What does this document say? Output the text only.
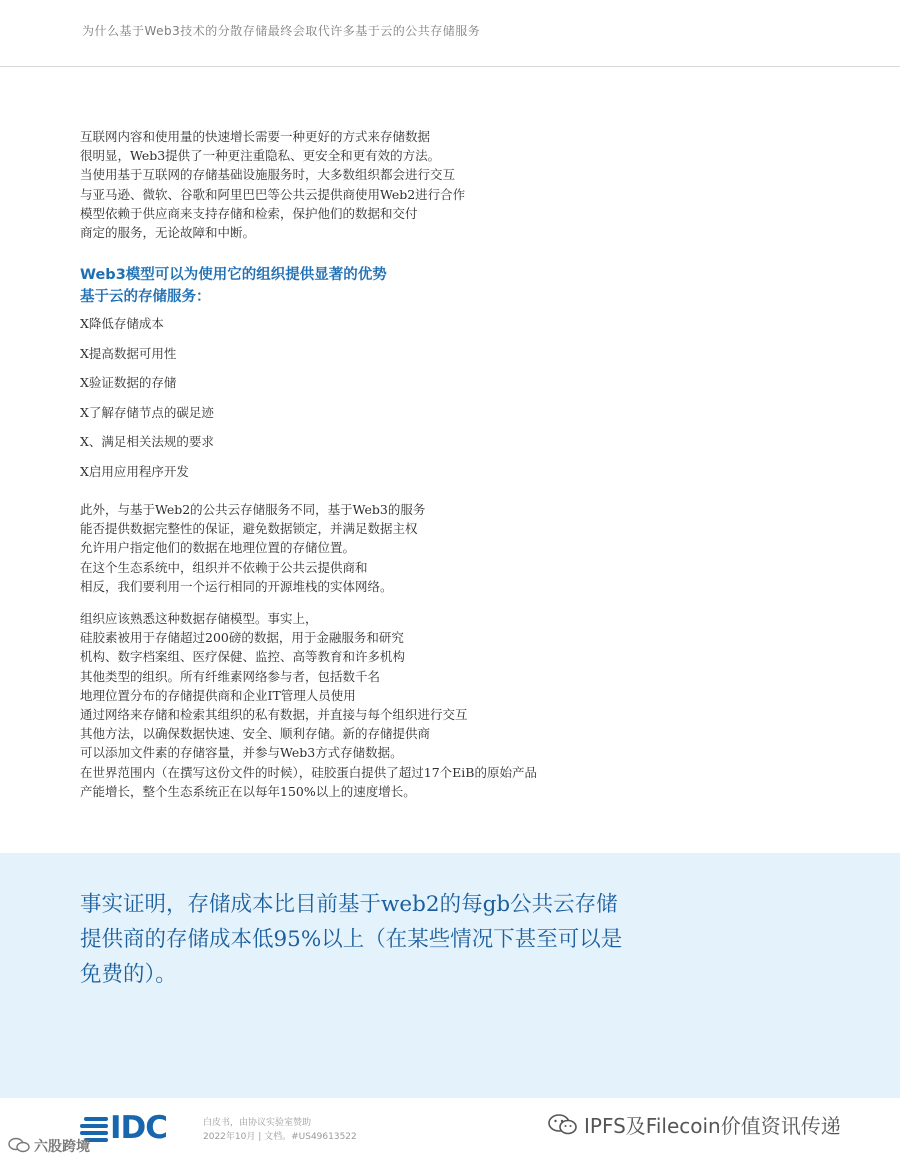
为什么基于Web3技术的分散存储最终会取代许多基于云的公共存储服务
互联网内容和使用量的快速增长需要一种更好的方式来存储数据
很明显，Web3提供了一种更注重隐私、更安全和更有效的方法。
当使用基于互联网的存储基础设施服务时，大多数组织都会进行交互
与亚马逊、微软、谷歌和阿里巴巴等公共云提供商使用Web2进行合作
模型依赖于供应商来支持存储和检索，保护他们的数据和交付
商定的服务，无论故障和中断。
Web3模型可以为使用它的组织提供显著的优势
基于云的存储服务：
X降低存储成本
X提高数据可用性
X验证数据的存储
X了解存储节点的碳足迹
X、满足相关法规的要求
X启用应用程序开发
此外，与基于Web2的公共云存储服务不同，基于Web3的服务
能否提供数据完整性的保证，避免数据锁定，并满足数据主权
允许用户指定他们的数据在地理位置的存储位置。
在这个生态系统中，组织并不依赖于公共云提供商和
相反，我们要利用一个运行相同的开源堆栈的实体网络。
组织应该熟悉这种数据存储模型。事实上，
硅胶素被用于存储超过200磅的数据，用于金融服务和研究
机构、数字档案组、医疗保健、监控、高等教育和许多机构
其他类型的组织。所有纤维素网络参与者，包括数千名
地理位置分布的存储提供商和企业IT管理人员使用
通过网络来存储和检索其组织的私有数据，并直接与每个组织进行交互
其他方法，以确保数据快速、安全、顺利存储。新的存储提供商
可以添加文件素的存储容量，并参与Web3方式存储数据。
在世界范围内（在撰写这份文件的时候），硅胶蛋白提供了超过17个EiB的原始产品
产能增长，整个生态系统正在以每年150%以上的速度增长。
事实证明，存储成本比目前基于web2的每gb公共云存储
提供商的存储成本低95%以上（在某些情况下甚至可以是
免费的）。
IDC	白皮书，由协议实验室赞助
2022年10月 | 文档。#US49613522	IPFS及Filecoin价值资讯传递
六股跨境
